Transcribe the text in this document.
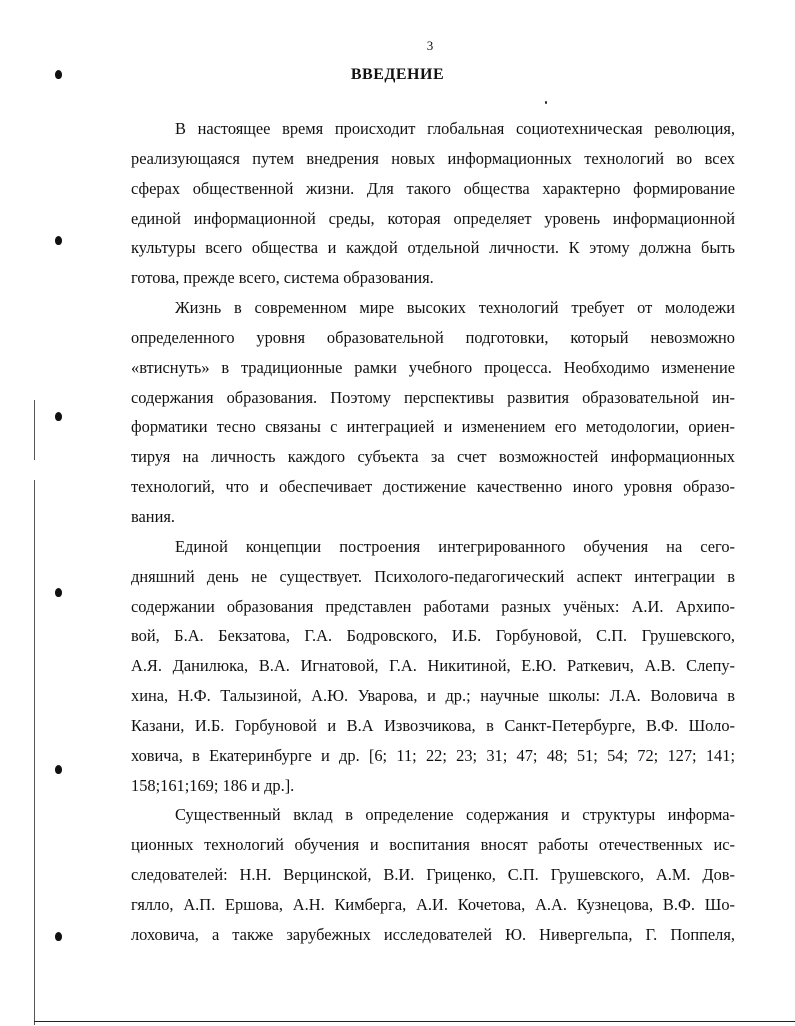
3
ВВЕДЕНИЕ

В настоящее время происходит глобальная социотехническая революция,
реализующаяся путем внедрения новых информационных технологий во всех
сферах общественной жизни. Для такого общества характерно формирование
единой информационной среды, которая определяет уровень информационной
культуры всего общества и каждой отдельной личности. К этому должна быть
готова, прежде всего, система образования.

Жизнь в современном мире высоких технологий требует от молодежи
определенного уровня образовательной подготовки, который невозможно
«втиснуть» в традиционные рамки учебного процесса. Необходимо изменение
содержания образования. Поэтому перспективы развития образовательной ин-
форматики тесно связаны с интеграцией и изменением его методологии, ориен-
тируя на личность каждого субъекта за счет возможностей информационных
технологий, что и обеспечивает достижение качественно иного уровня образо-
вания.

Единой концепции построения интегрированного обучения на сего-
дняшний день не существует. Психолого-педагогический аспект интеграции в
содержании образования представлен работами разных учёных: А.И. Архипо-
вой, Б.А. Бекзатова, Г.А. Бодровского, И.Б. Горбуновой, С.П. Грушевского,
А.Я. Данилюка, В.А. Игнатовой, Г.А. Никитиной, Е.Ю. Раткевич, А.В. Слепу-
хина, Н.Ф. Талызиной, А.Ю. Уварова, и др.; научные школы: Л.А. Воловича в
Казани, И.Б. Горбуновой и В.А Извозчикова, в Санкт-Петербурге, В.Ф. Шоло-
ховича, в Екатеринбурге и др. [6; 11; 22; 23; 31; 47; 48; 51; 54; 72; 127; 141;
158;161;169; 186 и др.].

Существенный вклад в определение содержания и структуры информа-
ционных технологий обучения и воспитания вносят работы отечественных ис-
следователей: Н.Н. Верцинской, В.И. Гриценко, С.П. Грушевского, А.М. Дов-
гялло, А.П. Ершова, А.Н. Кимберга, А.И. Кочетова, А.А. Кузнецова, В.Ф. Шо-
лоховича, а также зарубежных исследователей Ю. Нивергельпа, Г. Поппеля,
